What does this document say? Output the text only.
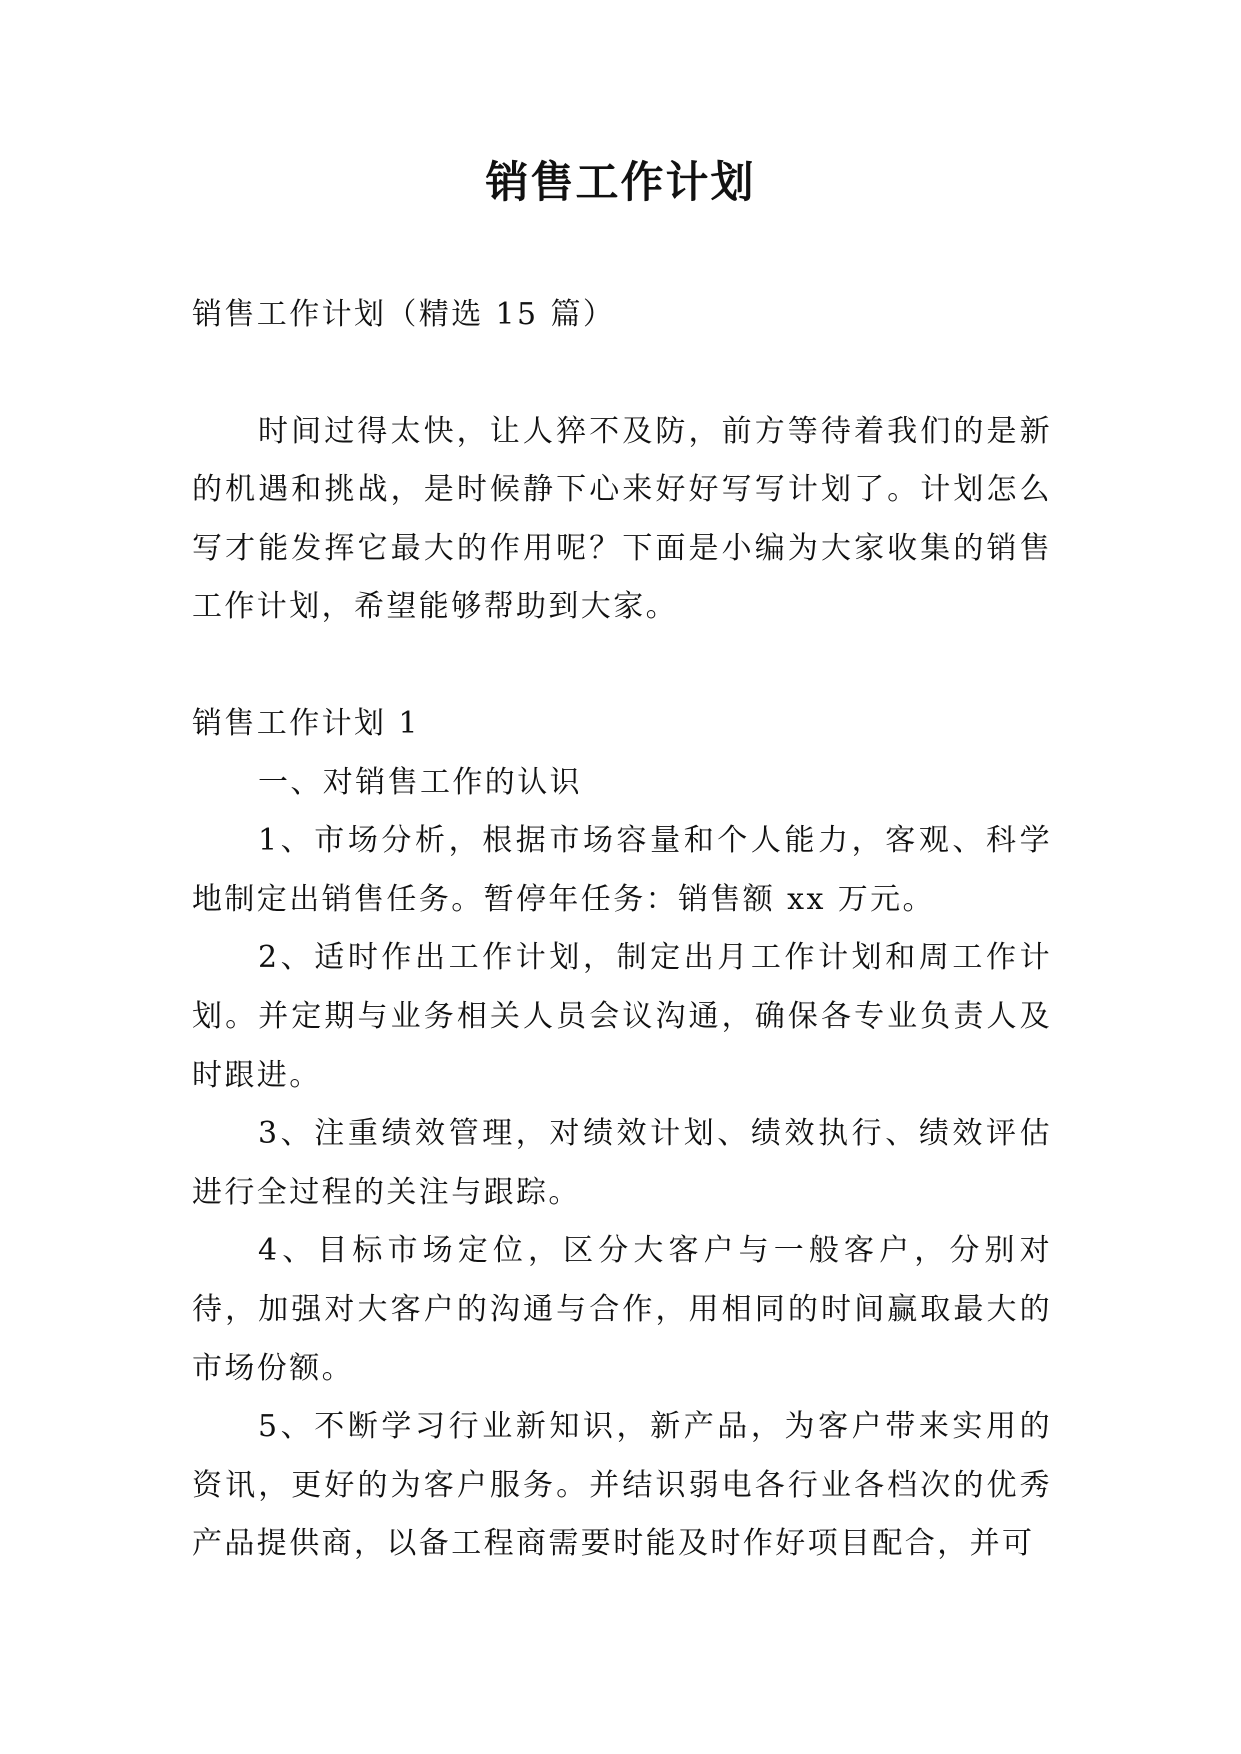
销售工作计划

销售工作计划（精选 15 篇）

时间过得太快，让人猝不及防，前方等待着我们的是新的机遇和挑战，是时候静下心来好好写写计划了。计划怎么写才能发挥它最大的作用呢？下面是小编为大家收集的销售工作计划，希望能够帮助到大家。

销售工作计划 1

一、对销售工作的认识

1、市场分析，根据市场容量和个人能力，客观、科学地制定出销售任务。暂停年任务：销售额 xx 万元。

2、适时作出工作计划，制定出月工作计划和周工作计划。并定期与业务相关人员会议沟通，确保各专业负责人及时跟进。

3、注重绩效管理，对绩效计划、绩效执行、绩效评估进行全过程的关注与跟踪。

4、目标市场定位，区分大客户与一般客户，分别对待，加强对大客户的沟通与合作，用相同的时间赢取最大的市场份额。

5、不断学习行业新知识，新产品，为客户带来实用的资讯，更好的为客户服务。并结识弱电各行业各档次的优秀产品提供商，以备工程商需要时能及时作好项目配合，并可
